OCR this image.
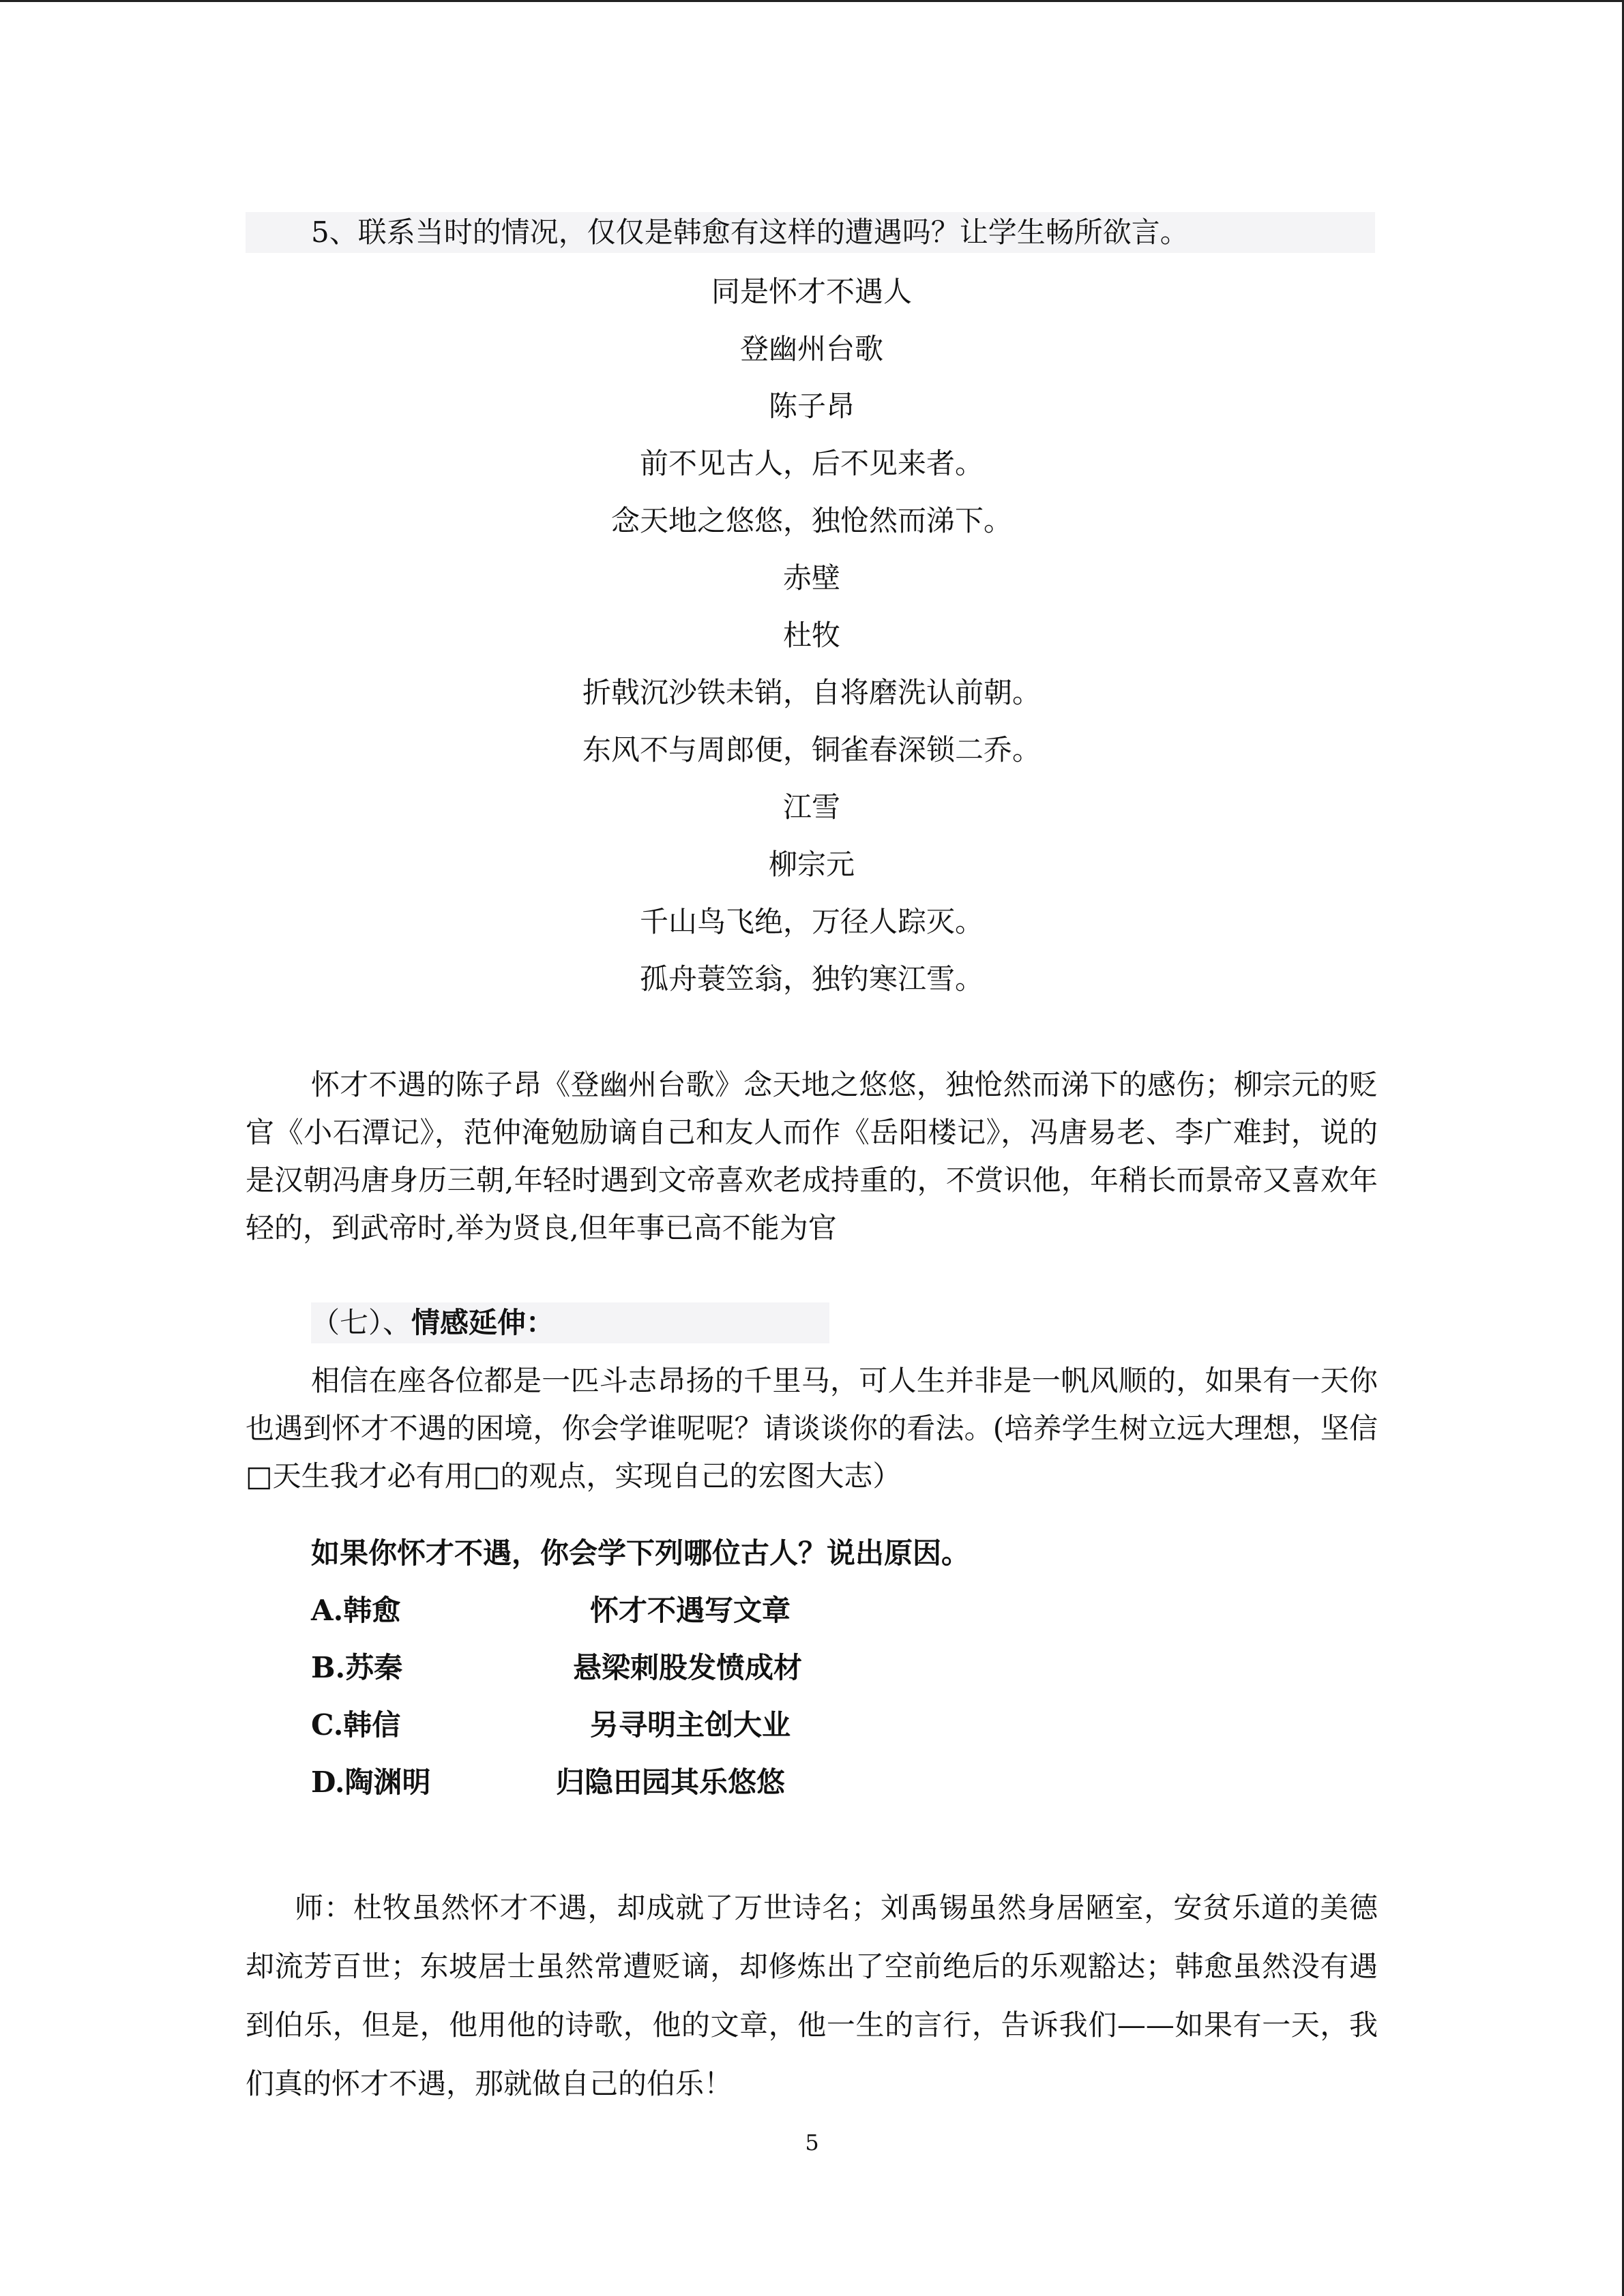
5、联系当时的情况，仅仅是韩愈有这样的遭遇吗？让学生畅所欲言。
同是怀才不遇人
登幽州台歌
陈子昂
前不见古人，后不见来者。
念天地之悠悠，独怆然而涕下。
赤壁
杜牧
折戟沉沙铁未销，自将磨洗认前朝。
东风不与周郎便，铜雀春深锁二乔。
江雪
柳宗元
千山鸟飞绝，万径人踪灭。
孤舟蓑笠翁，独钓寒江雪。
怀才不遇的陈子昂《登幽州台歌》念天地之悠悠，独怆然而涕下的感伤；柳宗元的贬官《小石潭记》，范仲淹勉励谪自己和友人而作《岳阳楼记》，冯唐易老、李广难封，说的是汉朝冯唐身历三朝,年轻时遇到文帝喜欢老成持重的，不赏识他，年稍长而景帝又喜欢年轻的，到武帝时,举为贤良,但年事已高不能为官
（七）、情感延伸：
相信在座各位都是一匹斗志昂扬的千里马，可人生并非是一帆风顺的，如果有一天你也遇到怀才不遇的困境，你会学谁呢呢？请谈谈你的看法。(培养学生树立远大理想，坚信□天生我才必有用□的观点，实现自己的宏图大志）
如果你怀才不遇，你会学下列哪位古人？说出原因。
A.韩愈	怀才不遇写文章
B.苏秦	悬梁刺股发愤成材
C.韩信	另寻明主创大业
D.陶渊明	归隐田园其乐悠悠
师：杜牧虽然怀才不遇，却成就了万世诗名；刘禹锡虽然身居陋室，安贫乐道的美德却流芳百世；东坡居士虽然常遭贬谪，却修炼出了空前绝后的乐观豁达；韩愈虽然没有遇到伯乐，但是，他用他的诗歌，他的文章，他一生的言行，告诉我们——如果有一天，我们真的怀才不遇，那就做自己的伯乐！
5
